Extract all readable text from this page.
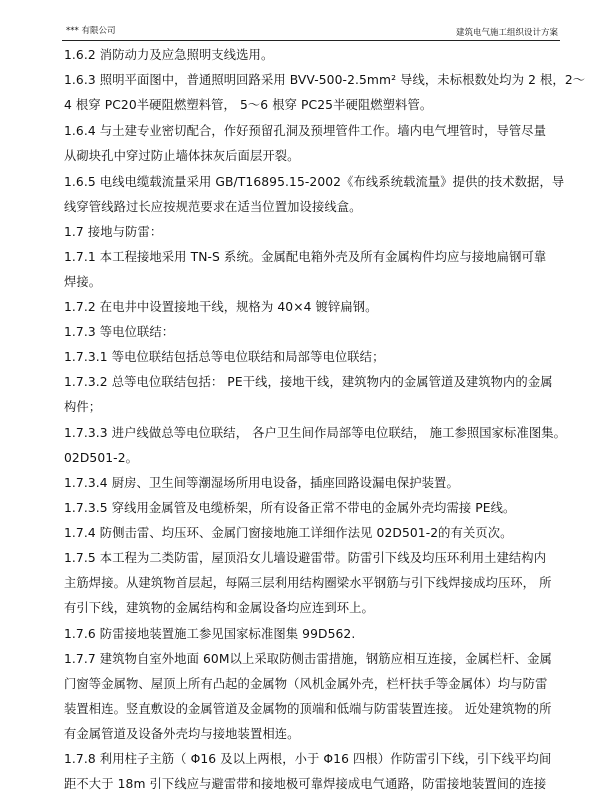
*** 有限公司	建筑电气施工组织设计方案
1.6.2 消防动力及应急照明支线选用。
1.6.3 照明平面图中，普通照明回路采用 BVV-500-2.5mm² 导线，未标根数处均为 2 根，2～
4 根穿 PC20半硬阻燃塑料管， 5～6 根穿 PC25半硬阻燃塑料管。
1.6.4 与土建专业密切配合，作好预留孔洞及预埋管件工作。墙内电气埋管时，导管尽量
从砌块孔中穿过防止墙体抹灰后面层开裂。
1.6.5 电线电缆载流量采用 GB/T16895.15-2002《布线系统载流量》提供的技术数据，导
线穿管线路过长应按规范要求在适当位置加设接线盒。
1.7 接地与防雷：
1.7.1 本工程接地采用 TN-S 系统。金属配电箱外壳及所有金属构件均应与接地扁钢可靠
焊接。
1.7.2 在电井中设置接地干线，规格为 40×4 镀锌扁钢。
1.7.3 等电位联结：
1.7.3.1 等电位联结包括总等电位联结和局部等电位联结；
1.7.3.2 总等电位联结包括： PE干线，接地干线，建筑物内的金属管道及建筑物内的金属
构件；
1.7.3.3 进户线做总等电位联结， 各户卫生间作局部等电位联结， 施工参照国家标准图集。
02D501-2。
1.7.3.4 厨房、卫生间等潮湿场所用电设备，插座回路设漏电保护装置。
1.7.3.5 穿线用金属管及电缆桥架，所有设备正常不带电的金属外壳均需接 PE线。
1.7.4 防侧击雷、均压环、金属门窗接地施工详细作法见 02D501-2的有关页次。
1.7.5 本工程为二类防雷，屋顶沿女儿墙设避雷带。防雷引下线及均压环利用土建结构内
主筋焊接。从建筑物首层起，每隔三层利用结构圈梁水平钢筋与引下线焊接成均压环， 所
有引下线，建筑物的金属结构和金属设备均应连到环上。
1.7.6 防雷接地装置施工参见国家标准图集 99D562.
1.7.7 建筑物自室外地面 60M以上采取防侧击雷措施，钢筋应相互连接，金属栏杆、金属
门窗等金属物、屋顶上所有凸起的金属物（风机金属外壳，栏杆扶手等金属体）均与防雷
装置相连。竖直敷设的金属管道及金属物的顶端和低端与防雷装置连接。 近处建筑物的所
有金属管道及设备外壳均与接地装置相连。
1.7.8 利用柱子主筋（ Φ16 及以上两根，小于 Φ16 四根）作防雷引下线，引下线平均间
距不大于 18m 引下线应与避雷带和接地极可靠焊接成电气通路，防雷接地装置间的连接
